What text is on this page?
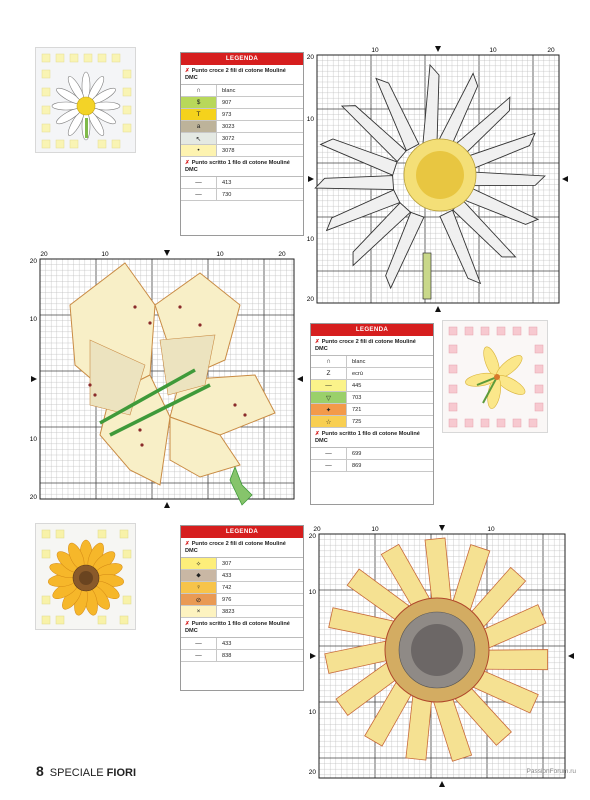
LEGENDA
✗ Punto croce 2 fili di cotone Mouliné DMC
∩	blanc
$	907
T	973
a	3023
↖	3072
•	3078
✗ Punto scritto 1 filo di cotone Mouliné DMC
—	413
—	730
LEGENDA
✗ Punto croce 2 fili di cotone Mouliné DMC
∩	blanc
Z	ecrù
—	445
▽	703
✦	721
☆	725
✗ Punto scritto 1 filo di cotone Mouliné DMC
—	699
—	869
LEGENDA
✗ Punto croce 2 fili di cotone Mouliné DMC
✧	307
⬥	433
♀	742
⊘	976
×	3823
✗ Punto scritto 1 filo di cotone Mouliné DMC
—	433
—	838
10	10	20
20
10
10
20
20	10	10	20
20
10
10
20
20	10	10
20
10
10
20
8 SPECIALE FIORI	PassionForum.ru
